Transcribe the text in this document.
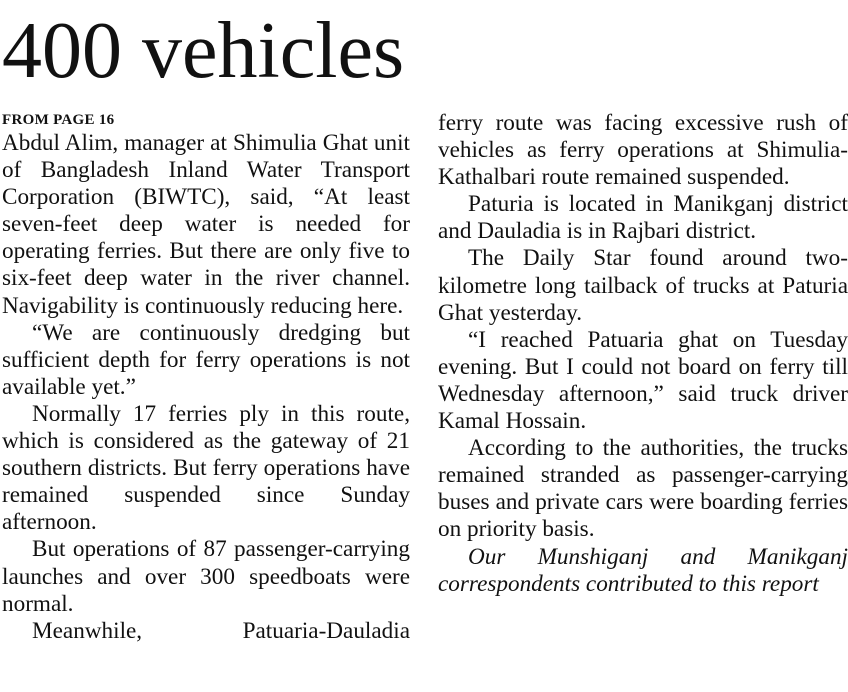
400 vehicles

FROM PAGE 16

Abdul Alim, manager at Shimulia Ghat unit of Bangladesh Inland Water Transport Corporation (BIWTC), said, “At least seven-feet deep water is needed for operating ferries. But there are only five to six-feet deep water in the river channel. Navigability is continuously reducing here.

“We are continuously dredging but sufficient depth for ferry operations is not available yet.”

Normally 17 ferries ply in this route, which is considered as the gateway of 21 southern districts. But ferry operations have remained suspended since Sunday afternoon.

But operations of 87 passenger-carrying launches and over 300 speedboats were normal.

Meanwhile, Patuaria-Dauladia

ferry route was facing excessive rush of vehicles as ferry operations at Shimulia-Kathalbari route remained suspended.

Paturia is located in Manikganj district and Dauladia is in Rajbari district.

The Daily Star found around two-kilometre long tailback of trucks at Paturia Ghat yesterday.

“I reached Patuaria ghat on Tuesday evening. But I could not board on ferry till Wednesday afternoon,” said truck driver Kamal Hossain.

According to the authorities, the trucks remained stranded as passenger-carrying buses and private cars were boarding ferries on priority basis.

Our Munshiganj and Manikganj correspondents contributed to this report
